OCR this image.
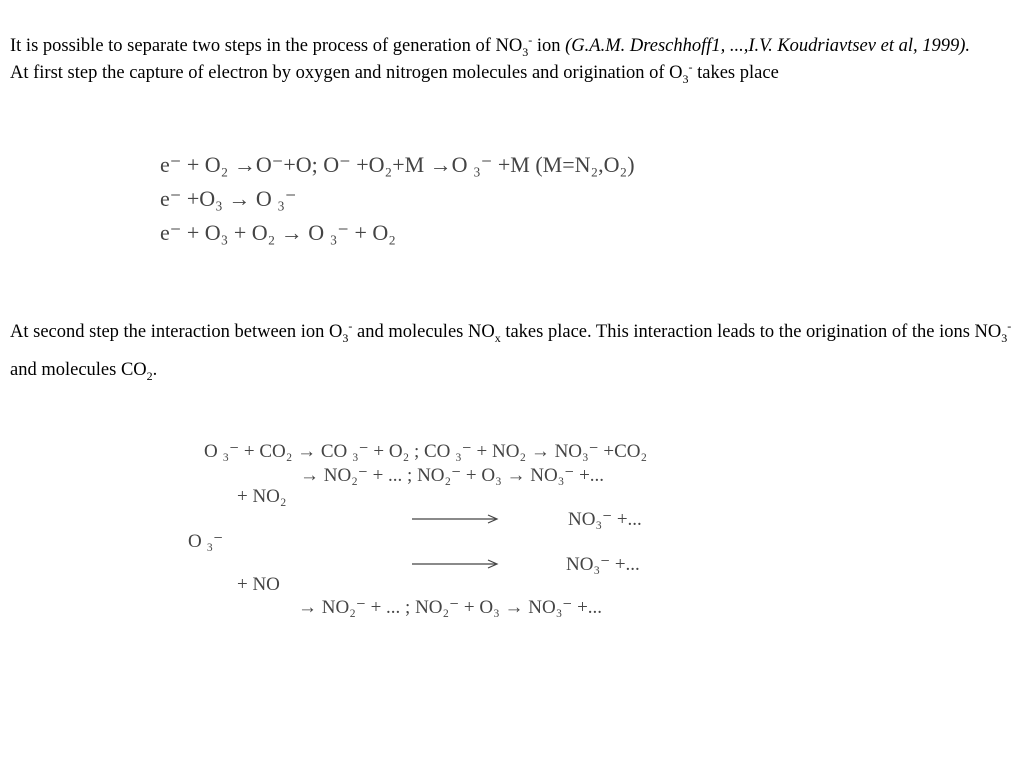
It is possible to separate two steps in the process of generation of $NO_3^-$ ion (G.A.M. Dreschhoff1, ...,I.V. Koudriavtsev et al, 1999).
At first step the capture of electron by oxygen and nitrogen molecules and origination of $O_3^-$ takes place
e⁻ + O₂ →O⁻+O; O⁻ +O₂+M →O ₃⁻ +M (M=N₂,O₂)
e⁻ +O₃ → O ₃⁻
e⁻ + O₃ + O₂ → O ₃⁻ + O₂
At second step the interaction between ion $O_3^-$ and molecules $NO_x$ takes place. This interaction leads to the origination of the ions $NO_3^-$ and molecules $CO_2$.
O ₃⁻ + CO₂ → CO ₃⁻ + O₂ ; CO ₃⁻ + NO₂ → NO₃⁻ +CO₂
→ NO₂⁻ + ... ; NO₂⁻ + O₃ → NO₃⁻ +...
+ NO₂
NO₃⁻ +...
O ₃⁻
NO₃⁻ +...
+ NO
→ NO₂⁻ + ... ; NO₂⁻ + O₃ → NO₃⁻ +...
